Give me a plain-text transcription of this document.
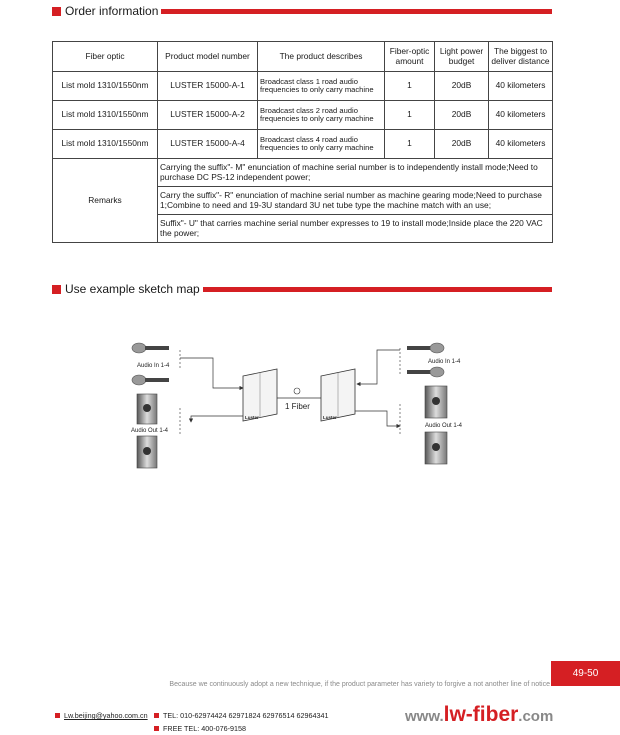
Order information
Fiber optic	Product model number	The product describes	Fiber-optic amount	Light power budget	The biggest to deliver distance
List mold 1310/1550nm	LUSTER 15000-A-1	Broadcast class 1 road audio frequencies to only carry machine	1	20dB	40 kilometers
List mold 1310/1550nm	LUSTER 15000-A-2	Broadcast class 2 road audio frequencies to only carry machine	1	20dB	40 kilometers
List mold 1310/1550nm	LUSTER 15000-A-4	Broadcast class 4 road audio frequencies to only carry machine	1	20dB	40 kilometers
Remarks	Carrying the suffix"- M" enunciation of machine serial number is to independently install mode;Need to purchase DC PS-12 independent power;				
	Carry the suffix"- R" enunciation of machine serial number as machine gearing mode;Need to purchase 1;Combine to need and 19-3U standard 3U net tube type the machine match with an use;				
	Suffix"- U" that carries machine serial number expresses to 19 to install mode;Inside place the 220 VAC the power;				
Use example sketch map
Audio In 1-4
Audio Out 1-4
Luster
1 Fiber
Luster
Audio In 1-4
Audio Out 1-4
49-50
Because we continuously adopt a new technique, if the product parameter has variety to forgive a not another line of notice
Lw.beijing@yahoo.com.cn TEL: 010-62974424 62971824 62976514 62964341
FREE TEL: 400-076-9158
www. lw-fiber .com
